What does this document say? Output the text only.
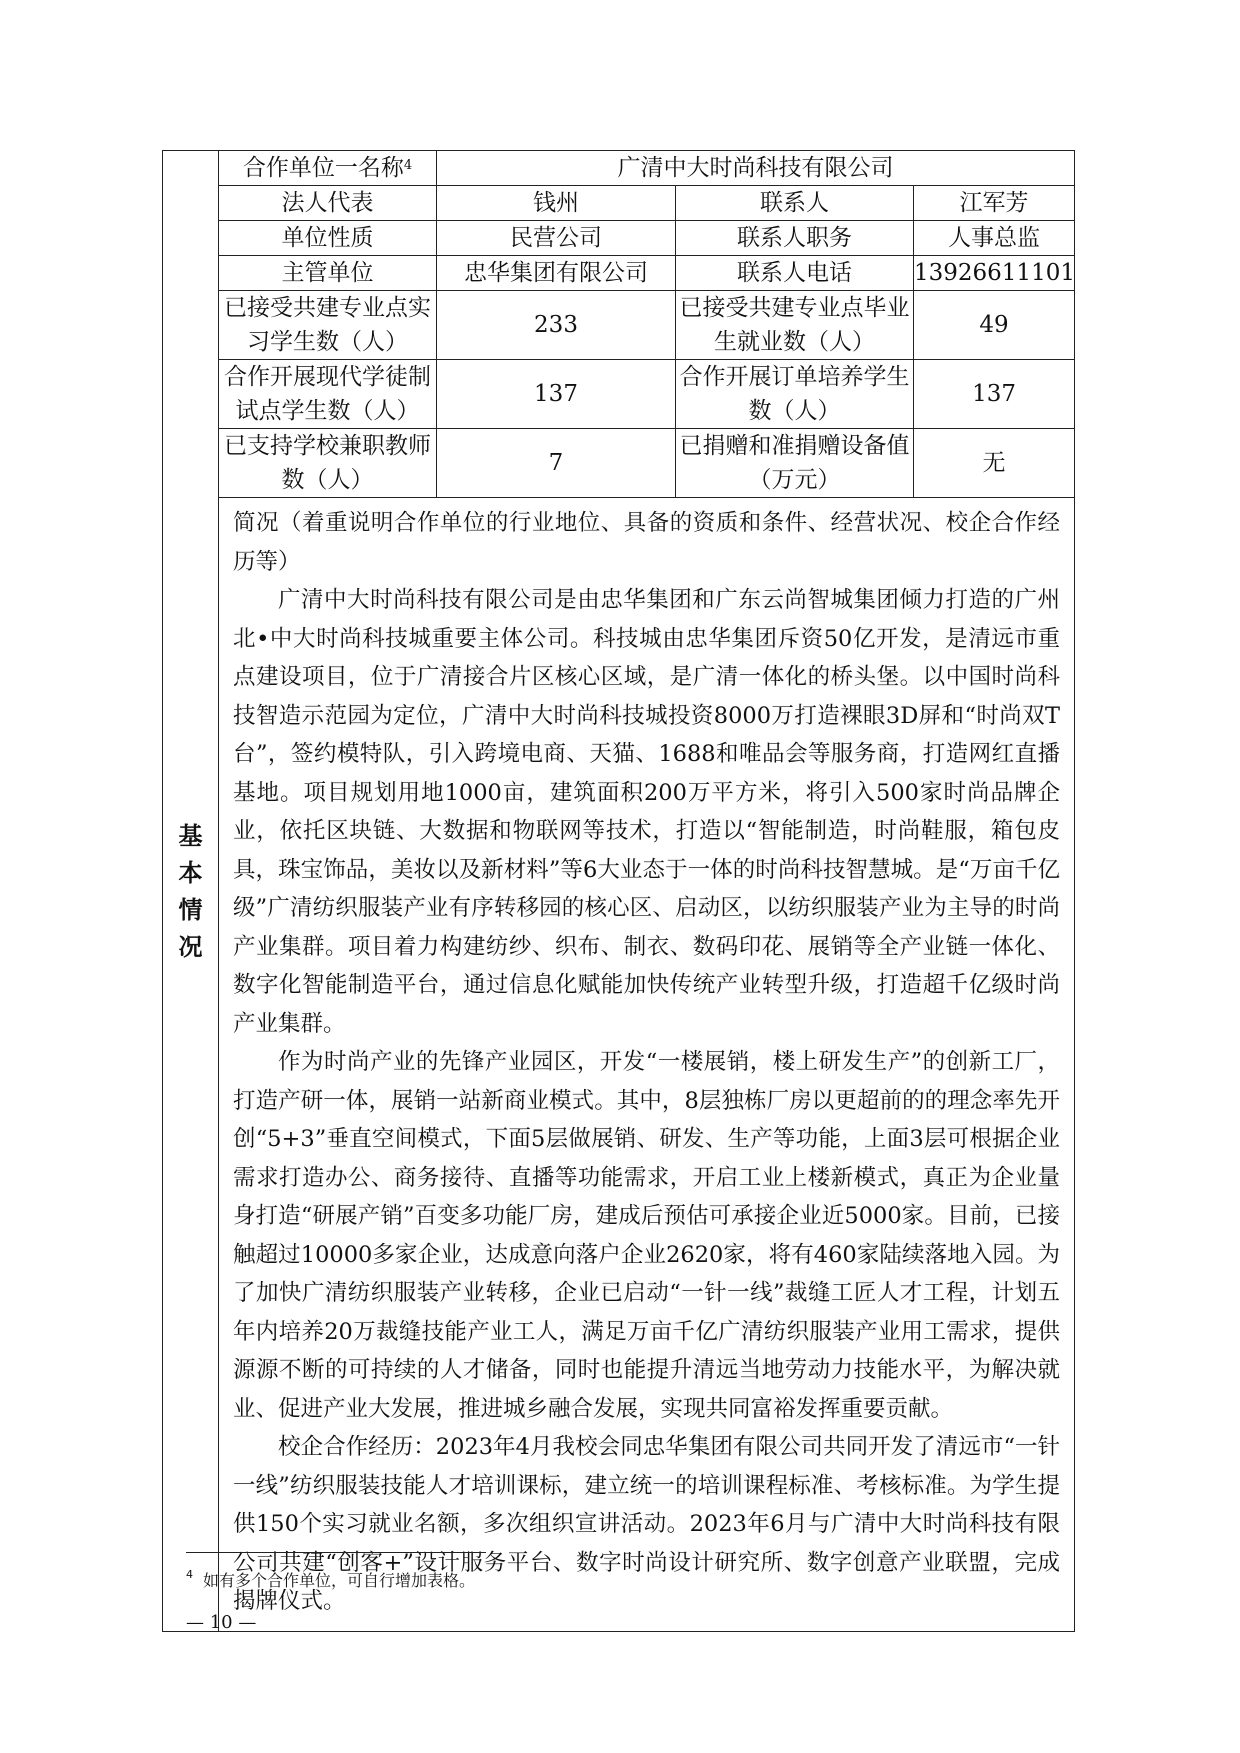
基本情况	合作单位一名称$^4$	广清中大时尚科技有限公司		
	法人代表	钱州	联系人	江军芳
	单位性质	民营公司	联系人职务	人事总监
	主管单位	忠华集团有限公司	联系人电话	13926611101
	已接受共建专业点实习学生数（人）	233	已接受共建专业点毕业生就业数（人）	49
	合作开展现代学徒制试点学生数（人）	137	合作开展订单培养学生数（人）	137
	已支持学校兼职教师数（人）	7	已捐赠和准捐赠设备值（万元）	无

	简况（着重说明合作单位的行业地位、具备的资质和条件、经营状况、校企合作经历等）

广清中大时尚科技有限公司是由忠华集团和广东云尚智城集团倾力打造的广州北•中大时尚科技城重要主体公司。科技城由忠华集团斥资50亿开发，是清远市重点建设项目，位于广清接合片区核心区域，是广清一体化的桥头堡。以中国时尚科技智造示范园为定位，广清中大时尚科技城投资8000万打造裸眼3D屏和“时尚双T台”，签约模特队，引入跨境电商、天猫、1688和唯品会等服务商，打造网红直播基地。项目规划用地1000亩，建筑面积200万平方米，将引入500家时尚品牌企业，依托区块链、大数据和物联网等技术，打造以“智能制造，时尚鞋服，箱包皮具，珠宝饰品，美妆以及新材料”等6大业态于一体的时尚科技智慧城。是“万亩千亿级”广清纺织服装产业有序转移园的核心区、启动区，以纺织服装产业为主导的时尚产业集群。项目着力构建纺纱、织布、制衣、数码印花、展销等全产业链一体化、数字化智能制造平台，通过信息化赋能加快传统产业转型升级，打造超千亿级时尚产业集群。

作为时尚产业的先锋产业园区，开发“一楼展销，楼上研发生产”的创新工厂，打造产研一体，展销一站新商业模式。其中，8层独栋厂房以更超前的的理念率先开创“5+3”垂直空间模式，下面5层做展销、研发、生产等功能，上面3层可根据企业需求打造办公、商务接待、直播等功能需求，开启工业上楼新模式，真正为企业量身打造“研展产销”百变多功能厂房，建成后预估可承接企业近5000家。目前，已接触超过10000多家企业，达成意向落户企业2620家，将有460家陆续落地入园。为了加快广清纺织服装产业转移，企业已启动“一针一线”裁缝工匠人才工程，计划五年内培养20万裁缝技能产业工人，满足万亩千亿广清纺织服装产业用工需求，提供源源不断的可持续的人才储备，同时也能提升清远当地劳动力技能水平，为解决就业、促进产业大发展，推进城乡融合发展，实现共同富裕发挥重要贡献。

校企合作经历：2023年4月我校会同忠华集团有限公司共同开发了清远市“一针一线”纺织服装技能人才培训课标，建立统一的培训课程标准、考核标准。为学生提供150个实习就业名额，多次组织宣讲活动。2023年6月与广清中大时尚科技有限公司共建“创客+”设计服务平台、数字时尚设计研究所、数字创意产业联盟，完成揭牌仪式。			

$^4$ 如有多个合作单位，可自行增加表格。
— 10 —
